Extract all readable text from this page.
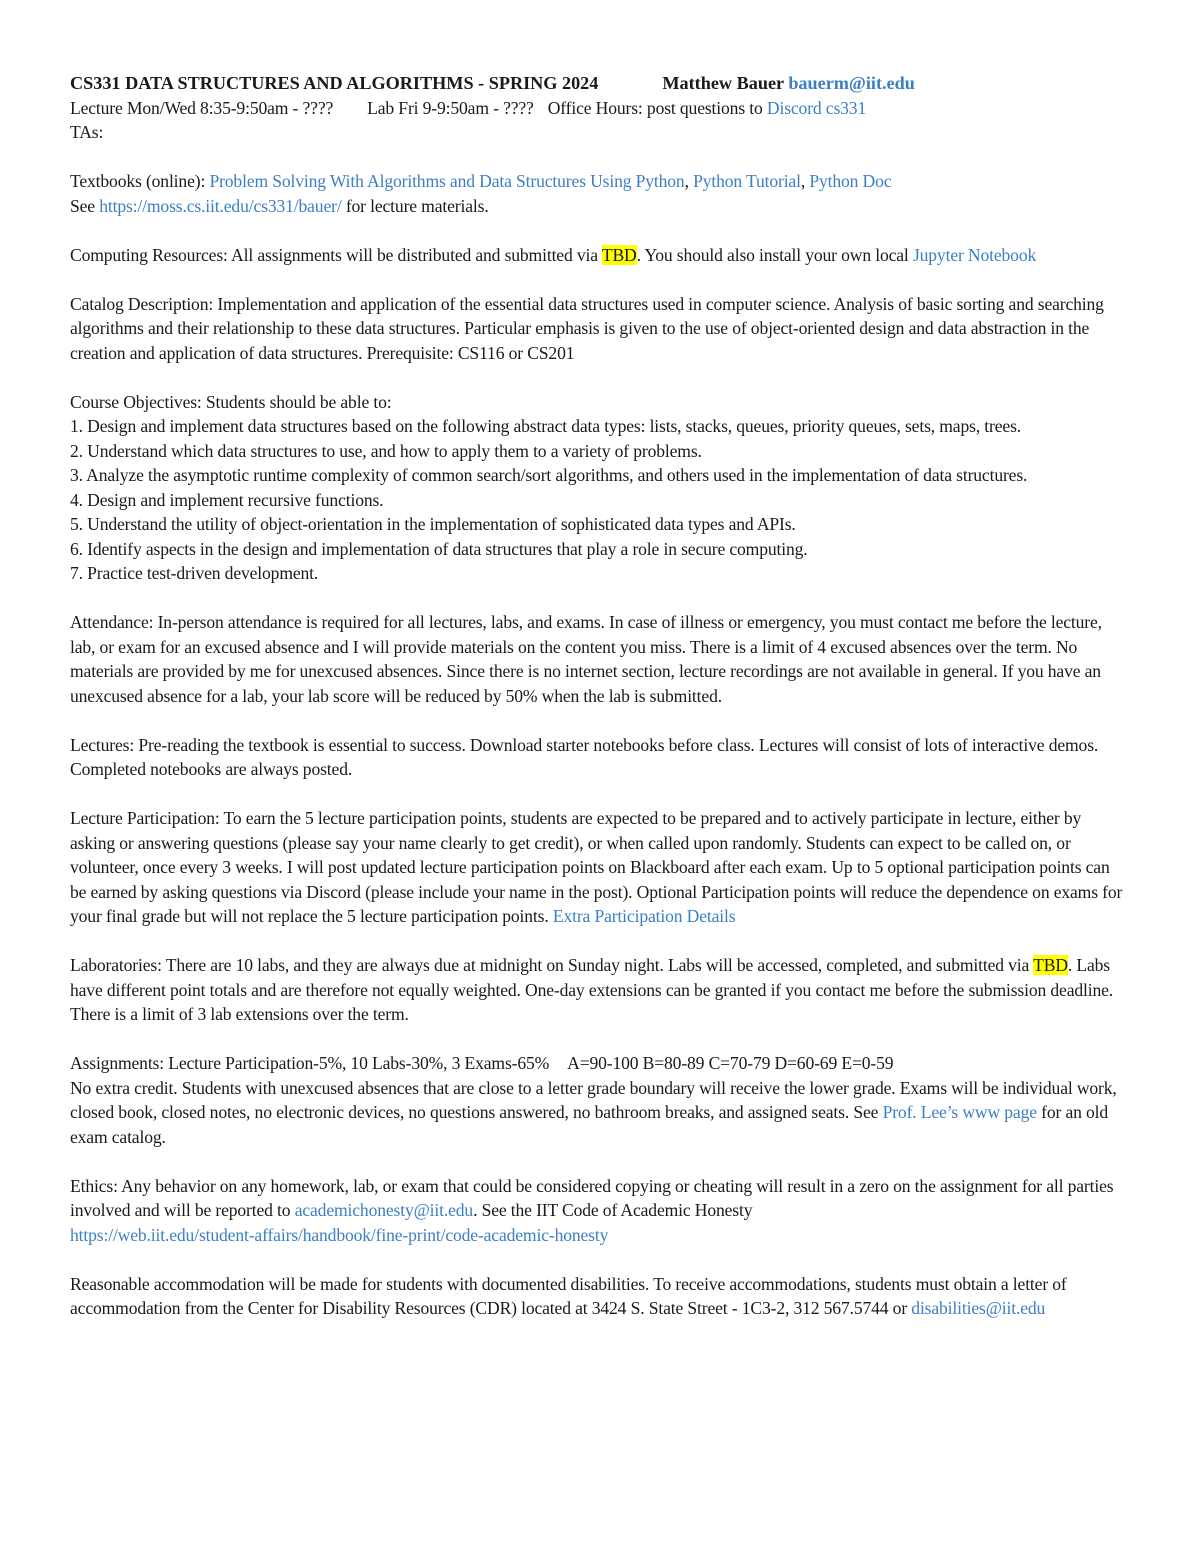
CS331 DATA STRUCTURES AND ALGORITHMS - SPRING 2024	Matthew Bauer bauerm@iit.edu

Lecture Mon/Wed 8:35-9:50am - ???? Lab Fri 9-9:50am - ???? Office Hours: post questions to Discord cs331

TAs:

Textbooks (online): Problem Solving With Algorithms and Data Structures Using Python, Python Tutorial, Python Doc

See https://moss.cs.iit.edu/cs331/bauer/ for lecture materials.

Computing Resources: All assignments will be distributed and submitted via TBD. You should also install your own local Jupyter Notebook

Catalog Description: Implementation and application of the essential data structures used in computer science. Analysis of basic sorting and searching algorithms and their relationship to these data structures. Particular emphasis is given to the use of object-oriented design and data abstraction in the creation and application of data structures. Prerequisite: CS116 or CS201

Course Objectives: Students should be able to:

1. Design and implement data structures based on the following abstract data types: lists, stacks, queues, priority queues, sets, maps, trees.
2. Understand which data structures to use, and how to apply them to a variety of problems.
3. Analyze the asymptotic runtime complexity of common search/sort algorithms, and others used in the implementation of data structures.
4. Design and implement recursive functions.
5. Understand the utility of object-orientation in the implementation of sophisticated data types and APIs.
6. Identify aspects in the design and implementation of data structures that play a role in secure computing.
7. Practice test-driven development.

Attendance: In-person attendance is required for all lectures, labs, and exams. In case of illness or emergency, you must contact me before the lecture, lab, or exam for an excused absence and I will provide materials on the content you miss. There is a limit of 4 excused absences over the term. No materials are provided by me for unexcused absences. Since there is no internet section, lecture recordings are not available in general. If you have an unexcused absence for a lab, your lab score will be reduced by 50% when the lab is submitted.

Lectures: Pre-reading the textbook is essential to success. Download starter notebooks before class. Lectures will consist of lots of interactive demos. Completed notebooks are always posted.

Lecture Participation: To earn the 5 lecture participation points, students are expected to be prepared and to actively participate in lecture, either by asking or answering questions (please say your name clearly to get credit), or when called upon randomly. Students can expect to be called on, or volunteer, once every 3 weeks. I will post updated lecture participation points on Blackboard after each exam. Up to 5 optional participation points can be earned by asking questions via Discord (please include your name in the post). Optional Participation points will reduce the dependence on exams for your final grade but will not replace the 5 lecture participation points. Extra Participation Details

Laboratories: There are 10 labs, and they are always due at midnight on Sunday night. Labs will be accessed, completed, and submitted via TBD. Labs have different point totals and are therefore not equally weighted. One-day extensions can be granted if you contact me before the submission deadline. There is a limit of 3 lab extensions over the term.

Assignments: Lecture Participation-5%, 10 Labs-30%, 3 Exams-65% A=90-100 B=80-89 C=70-79 D=60-69 E=0-59

No extra credit. Students with unexcused absences that are close to a letter grade boundary will receive the lower grade. Exams will be individual work, closed book, closed notes, no electronic devices, no questions answered, no bathroom breaks, and assigned seats. See Prof. Lee’s www page for an old exam catalog.

Ethics: Any behavior on any homework, lab, or exam that could be considered copying or cheating will result in a zero on the assignment for all parties involved and will be reported to academichonesty@iit.edu. See the IIT Code of Academic Honesty
https://web.iit.edu/student-affairs/handbook/fine-print/code-academic-honesty

Reasonable accommodation will be made for students with documented disabilities. To receive accommodations, students must obtain a letter of accommodation from the Center for Disability Resources (CDR) located at 3424 S. State Street - 1C3-2, 312 567.5744 or disabilities@iit.edu
